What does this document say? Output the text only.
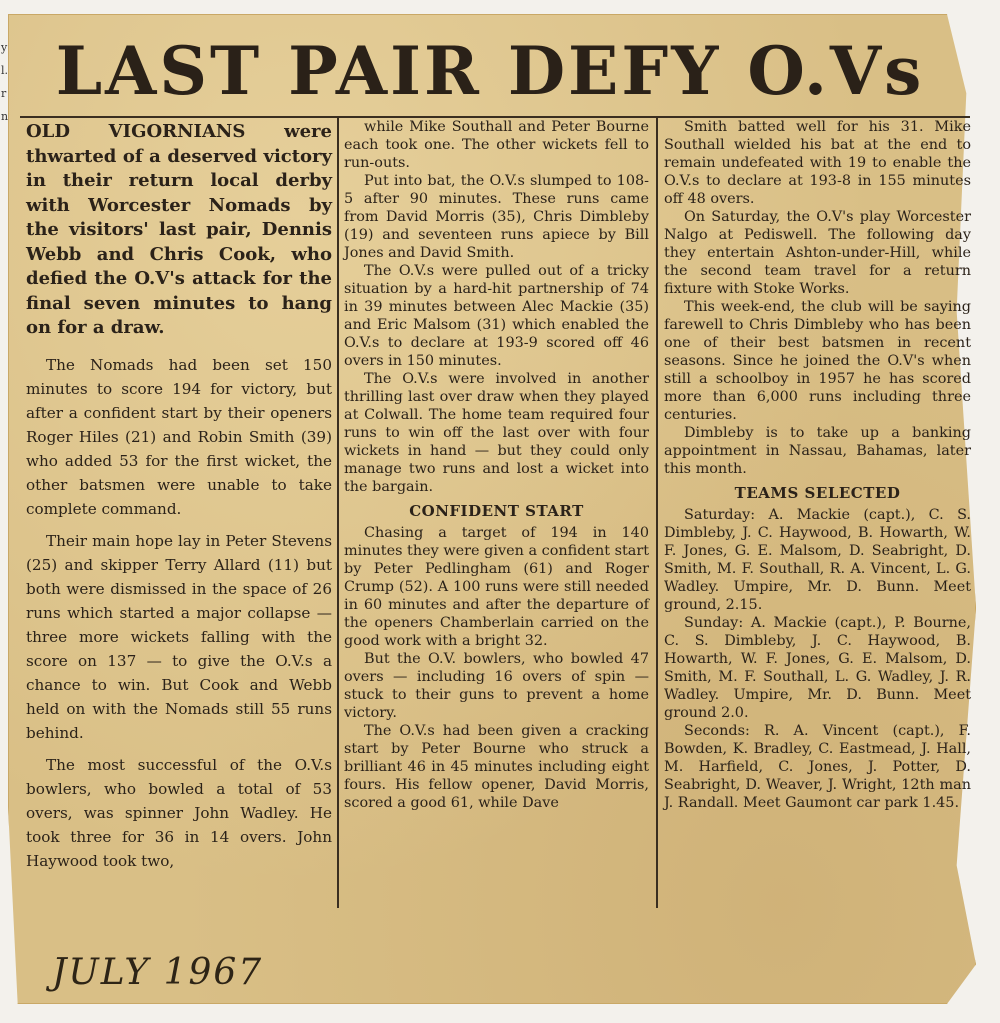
y
l.
r
n
LAST PAIR DEFY O.Vs

OLD VIGORNIANS were thwarted of a deserved victory in their return local derby with Worcester Nomads by the visitors' last pair, Dennis Webb and Chris Cook, who defied the O.V's attack for the final seven minutes to hang on for a draw.

The Nomads had been set 150 minutes to score 194 for victory, but after a confident start by their openers Roger Hiles (21) and Robin Smith (39) who added 53 for the first wicket, the other batsmen were unable to take complete command.

Their main hope lay in Peter Stevens (25) and skipper Terry Allard (11) but both were dismissed in the space of 26 runs which started a major collapse — three more wickets falling with the score on 137 — to give the O.V.s a chance to win. But Cook and Webb held on with the Nomads still 55 runs behind.

The most successful of the O.V.s bowlers, who bowled a total of 53 overs, was spinner John Wadley. He took three for 36 in 14 overs. John Haywood took two,

while Mike Southall and Peter Bourne each took one. The other wickets fell to run-outs.

Put into bat, the O.V.s slumped to 108-5 after 90 minutes. These runs came from David Morris (35), Chris Dimbleby (19) and seventeen runs apiece by Bill Jones and David Smith.

The O.V.s were pulled out of a tricky situation by a hard-hit partnership of 74 in 39 minutes between Alec Mackie (35) and Eric Malsom (31) which enabled the O.V.s to declare at 193-9 scored off 46 overs in 150 minutes.

The O.V.s were involved in another thrilling last over draw when they played at Colwall. The home team required four runs to win off the last over with four wickets in hand — but they could only manage two runs and lost a wicket into the bargain.

CONFIDENT START

Chasing a target of 194 in 140 minutes they were given a confident start by Peter Pedlingham (61) and Roger Crump (52). A 100 runs were still needed in 60 minutes and after the departure of the openers Chamberlain carried on the good work with a bright 32.

But the O.V. bowlers, who bowled 47 overs — including 16 overs of spin — stuck to their guns to prevent a home victory.

The O.V.s had been given a cracking start by Peter Bourne who struck a brilliant 46 in 45 minutes including eight fours. His fellow opener, David Morris, scored a good 61, while Dave

Smith batted well for his 31. Mike Southall wielded his bat at the end to remain undefeated with 19 to enable the O.V.s to declare at 193-8 in 155 minutes off 48 overs.

On Saturday, the O.V's play Worcester Nalgo at Pediswell. The following day they entertain Ashton-under-Hill, while the second team travel for a return fixture with Stoke Works.

This week-end, the club will be saying farewell to Chris Dimbleby who has been one of their best batsmen in recent seasons. Since he joined the O.V's when still a schoolboy in 1957 he has scored more than 6,000 runs including three centuries.

Dimbleby is to take up a banking appointment in Nassau, Bahamas, later this month.

TEAMS SELECTED

Saturday: A. Mackie (capt.), C. S. Dimbleby, J. C. Haywood, B. Howarth, W. F. Jones, G. E. Malsom, D. Seabright, D. Smith, M. F. Southall, R. A. Vincent, L. G. Wadley. Umpire, Mr. D. Bunn. Meet ground, 2.15.

Sunday: A. Mackie (capt.), P. Bourne, C. S. Dimbleby, J. C. Haywood, B. Howarth, W. F. Jones, G. E. Malsom, D. Smith, M. F. Southall, L. G. Wadley, J. R. Wadley. Umpire, Mr. D. Bunn. Meet ground 2.0.

Seconds: R. A. Vincent (capt.), F. Bowden, K. Bradley, C. Eastmead, J. Hall, M. Harfield, C. Jones, J. Potter, D. Seabright, D. Weaver, J. Wright, 12th man J. Randall. Meet Gaumont car park 1.45.

JULY 1967
